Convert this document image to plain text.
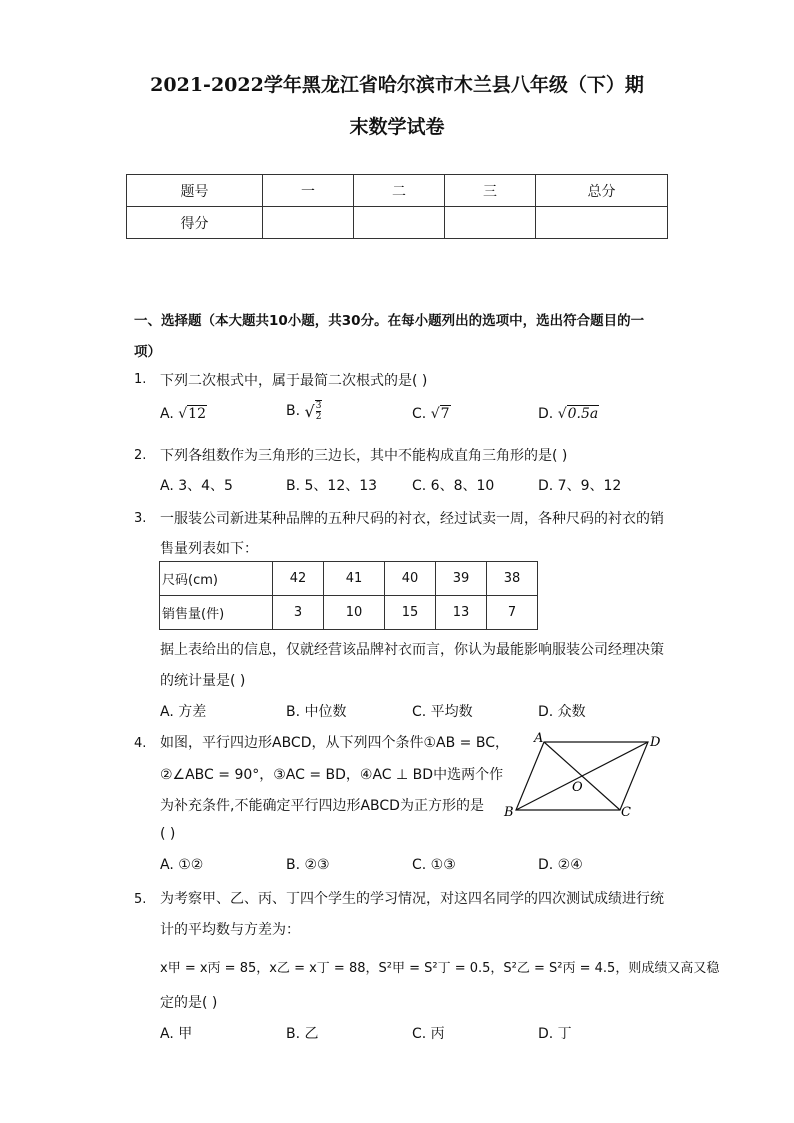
2021-2022学年黑龙江省哈尔滨市木兰县八年级（下）期
末数学试卷
题号	一	二	三	总分
得分				
一、选择题（本大题共10小题，共30分。在每小题列出的选项中，选出符合题目的一
项）
1. 下列二次根式中，属于最简二次根式的是( )
A. √12	B. √ $\frac{3}{2}$	C. √7	D. √0.5a
2. 下列各组数作为三角形的三边长，其中不能构成直角三角形的是( )
A. 3、4、5	B. 5、12、13 C. 6、8、10	D. 7、9、12
3. 一服装公司新进某种品牌的五种尺码的衬衣，经过试卖一周，各种尺码的衬衣的销
售量列表如下：
尺码(cm)	42	41	40	39	38
销售量(件)	3	10	15	13	7
据上表给出的信息，仅就经营该品牌衬衣而言，你认为最能影响服装公司经理决策
的统计量是( )
A. 方差	B. 中位数	C. 平均数	D. 众数
4. 如图，平行四边形ABCD，从下列四个条件①AB = BC，
②∠ABC = 90°，③AC = BD，④AC ⊥ BD中选两个作
为补充条件,不能确定平行四边形ABCD为正方形的是
( )
A	D
B	C
O
A. ①②	B. ②③	C. ①③	D. ②④
5. 为考察甲、乙、丙、丁四个学生的学习情况，对这四名同学的四次测试成绩进行统
计的平均数与方差为：
x甲 = x丙 = 85，x乙 = x丁 = 88，S²甲 = S²丁 = 0.5，S²乙 = S²丙 = 4.5，则成绩又高又稳
定的是( )
A. 甲	B. 乙	C. 丙	D. 丁
